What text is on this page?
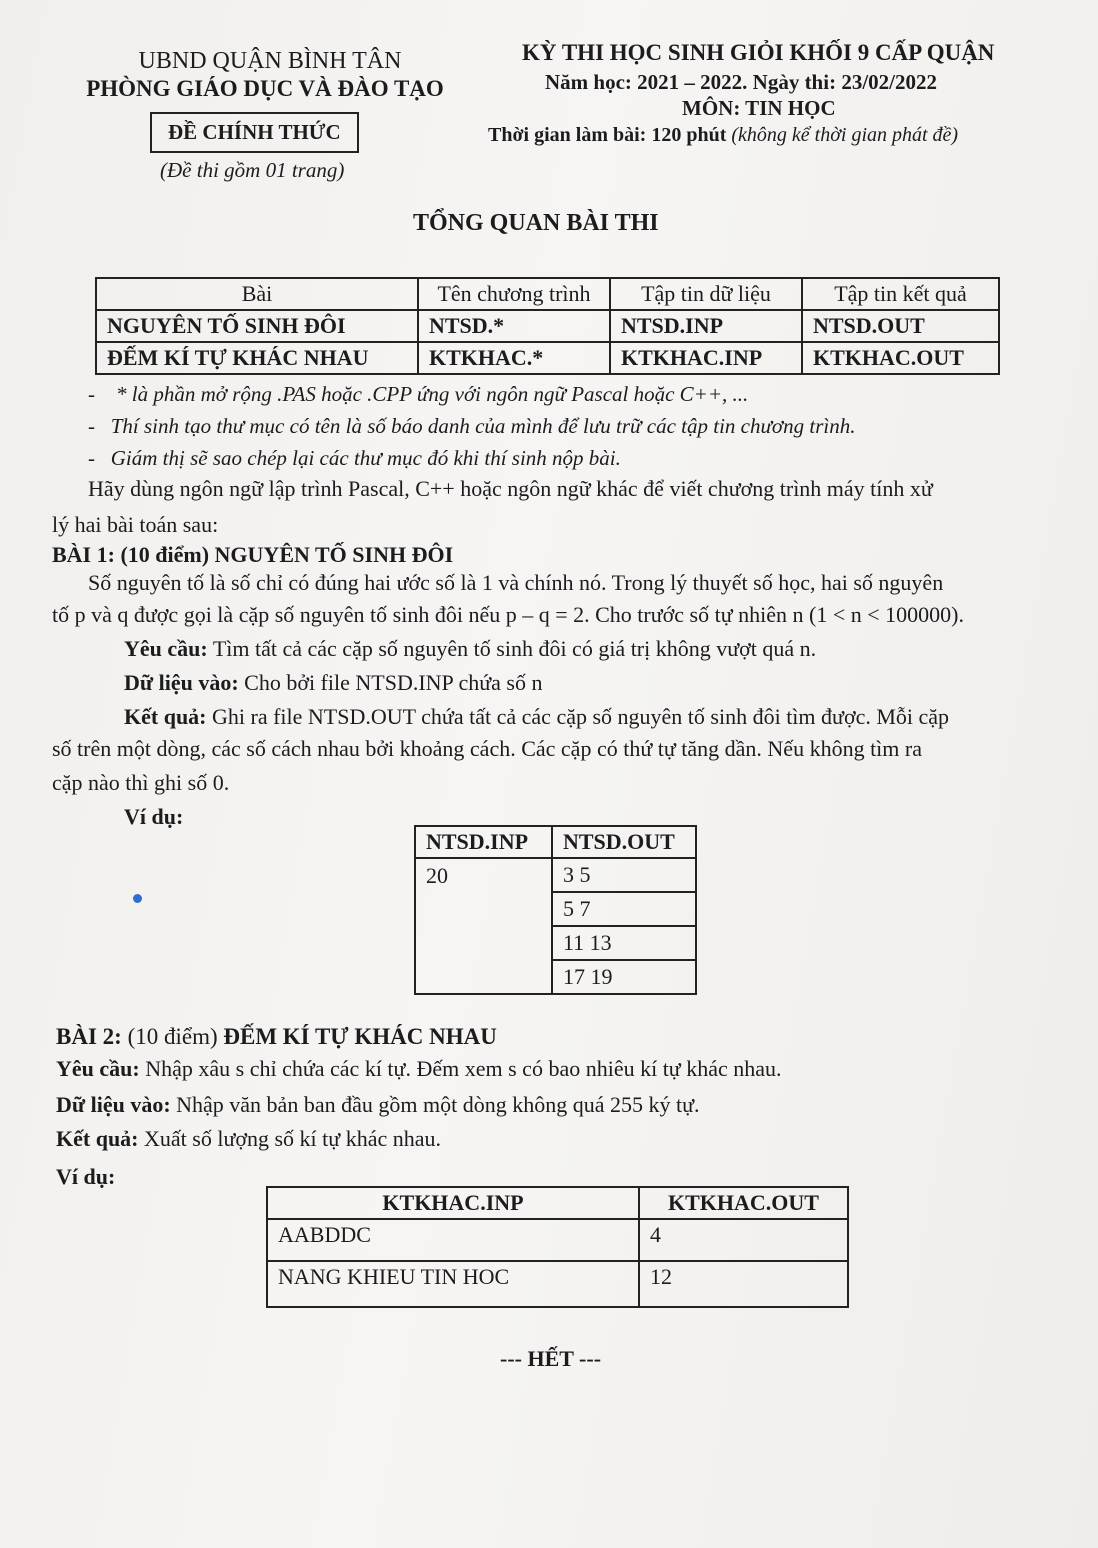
UBND QUẬN BÌNH TÂN
PHÒNG GIÁO DỤC VÀ ĐÀO TẠO
ĐỀ CHÍNH THỨC
(Đề thi gồm 01 trang)
KỲ THI HỌC SINH GIỎI KHỐI 9 CẤP QUẬN
Năm học: 2021 – 2022. Ngày thi: 23/02/2022
MÔN: TIN HỌC
Thời gian làm bài: 120 phút (không kể thời gian phát đề)
TỔNG QUAN BÀI THI
Bài	Tên chương trình	Tập tin dữ liệu	Tập tin kết quả
NGUYÊN TỐ SINH ĐÔI	NTSD.*	NTSD.INP	NTSD.OUT
ĐẾM KÍ TỰ KHÁC NHAU	KTKHAC.*	KTKHAC.INP	KTKHAC.OUT
-    * là phần mở rộng .PAS hoặc .CPP ứng với ngôn ngữ Pascal hoặc C++, ...
-   Thí sinh tạo thư mục có tên là số báo danh của mình để lưu trữ các tập tin chương trình.
-   Giám thị sẽ sao chép lại các thư mục đó khi thí sinh nộp bài.
Hãy dùng ngôn ngữ lập trình Pascal, C++ hoặc ngôn ngữ khác để viết chương trình máy tính xử
lý hai bài toán sau:
BÀI 1: (10 điểm) NGUYÊN TỐ SINH ĐÔI
Số nguyên tố là số chỉ có đúng hai ước số là 1 và chính nó. Trong lý thuyết số học, hai số nguyên
tố p và q được gọi là cặp số nguyên tố sinh đôi nếu p – q = 2. Cho trước số tự nhiên n (1 < n < 100000).
Yêu cầu: Tìm tất cả các cặp số nguyên tố sinh đôi có giá trị không vượt quá n.
Dữ liệu vào: Cho bởi file NTSD.INP chứa số n
Kết quả: Ghi ra file NTSD.OUT chứa tất cả các cặp số nguyên tố sinh đôi tìm được. Mỗi cặp
số trên một dòng, các số cách nhau bởi khoảng cách. Các cặp có thứ tự tăng dần. Nếu không tìm ra
cặp nào thì ghi số 0.
Ví dụ:
NTSD.INP	NTSD.OUT
20	3 5
5 7
11 13
17 19
BÀI 2: (10 điểm) ĐẾM KÍ TỰ KHÁC NHAU
Yêu cầu: Nhập xâu s chỉ chứa các kí tự. Đếm xem s có bao nhiêu kí tự khác nhau.
Dữ liệu vào: Nhập văn bản ban đầu gồm một dòng không quá 255 ký tự.
Kết quả: Xuất số lượng số kí tự khác nhau.
Ví dụ:
KTKHAC.INP	KTKHAC.OUT
AABDDC	4
NANG KHIEU TIN HOC	12
--- HẾT ---
